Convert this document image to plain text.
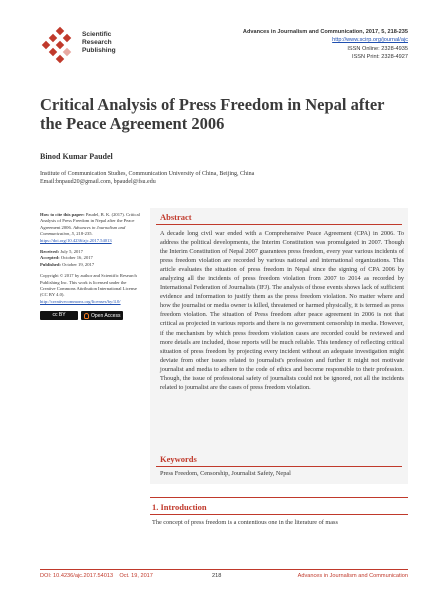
Scientific
Research
Publishing
Advances in Journalism and Communication, 2017, 5, 218-235
http://www.scirp.org/journal/ajc
ISSN Online: 2328-4935
ISSN Print: 2328-4927
Critical Analysis of Press Freedom in Nepal after the Peace Agreement 2006
Binod Kumar Paudel
Institute of Communication Studies, Communication University of China, Beijing, China
Email:bnpaud20@gmail.com, bpaudel@fsu.edu

How to cite this paper: Paudel, B. K. (2017). Critical Analysis of Press Freedom in Nepal after the Peace Agreement 2006. Advances in Journalism and Communication, 5, 218-235.
https://doi.org/10.4236/ajc.2017.54013

Received: July 5, 2017
Accepted: October 16, 2017
Published: October 19, 2017

Copyright © 2017 by author and Scientific Research Publishing Inc. This work is licensed under the Creative Commons Attribution International License (CC BY 4.0).
http://creativecommons.org/licenses/by/4.0/

cc BY	Open Access
Abstract
A decade long civil war ended with a Comprehensive Peace Agreement (CPA) in 2006. To address the political developments, the Interim Constitution was promulgated in 2007. Though the Interim Constitution of Nepal 2007 guarantees press freedom, every year various incidents of press freedom violation are recorded by various national and international organizations. This article evaluates the situation of press freedom in Nepal since the signing of CPA 2006 by analyzing all the incidents of press freedom violation from 2007 to 2014 as recorded by International Federation of Journalists (IFJ). The analysis of those events shows lack of sufficient evidence and information to justify them as the press freedom violation. No matter where and how the journalist or media owner is killed, threatened or harmed physically, it is termed as press freedom violation. The situation of Press freedom after peace agreement in 2006 is not that critical as projected in various reports and there is no government censorship in media. However, if the mechanism by which press freedom violation cases are recorded could be reviewed and more details are included, those reports will be much reliable. This tendency of reflecting critical situation of press freedom by projecting every incident without an adequate investigation might deviate from other issues related to journalist's profession and further it might not motivate journalist and media to adhere to the code of ethics and become responsible to their profession. Though, the issue of professional safety of journalists could not be ignored, not all the incidents related to journalist are the cases of press freedom violation.
Keywords
Press Freedom, Censorship, Journalist Safety, Nepal
1. Introduction
The concept of press freedom is a contentious one in the literature of mass
DOI: 10.4236/ajc.2017.54013 Oct. 19, 2017	218	Advances in Journalism and Communication
